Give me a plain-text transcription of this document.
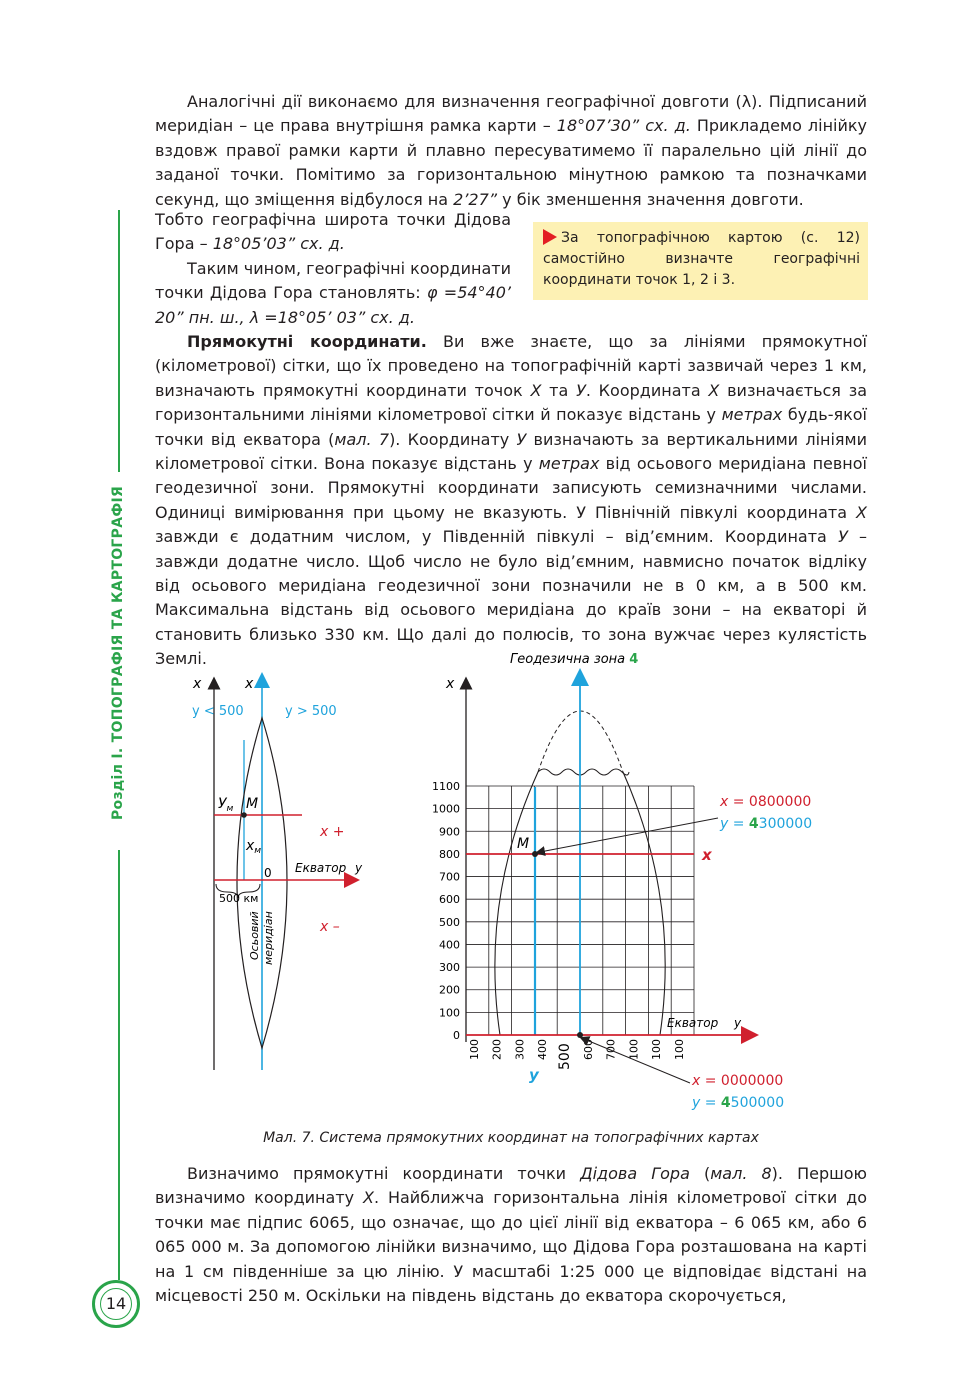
Розділ І. ТОПОГРАФІЯ ТА КАРТОГРАФІЯ
14

Аналогічні дії виконаємо для визначення географічної довготи (λ). Підписаний меридіан – це права внутрішня рамка карти – 18°07’30” сх. д. Прикладемо лінійку вздовж правої рамки карти й плавно пересуватимемо її паралельно цій лінії до заданої точки. Помітимо за горизонтальною мінутною рамкою та позначками секунд, що зміщення відбулося на 2’27” у бік зменшення значення довготи.

Тобто географічна широта точки Дідова Гора – 18°05’03” сх. д.

Таким чином, географічні координати точки Дідова Гора становлять: φ =54°40’ 20” пн. ш., λ =18°05’ 03” сх. д.

За топографічною картою (с. 12) самостійно визначте географічні координати точок 1, 2 і 3.

Прямокутні координати. Ви вже знаєте, що за лініями прямокутної (кілометрової) сітки, що їх проведено на топографічній карті зазвичай через 1 км, визначають прямокутні координати точок X та У. Координата X визначається за горизонтальними лініями кілометрової сітки й показує відстань у метрах будь-якої точки від екватора (мал. 7). Координату У визначають за вертикальними лініями кілометрової сітки. Вона показує відстань у метрах від осьового меридіана певної геодезичної зони. Прямокутні координати записують семизначними числами. Одиниці вимірювання при цьому не вказують. У Північній півкулі координата X завжди є додатним числом, у Південній півкулі – від’ємним. Координата У – завжди додатне число. Щоб число не було від’ємним, навмисно початок відліку від осьового меридіана геодезичної зони позначили не в 0 км, а в 500 км. Максимальна відстань від осьового меридіана до країв зони – на екваторі й становить близько 330 км. Що далі до полюсів, то зона вужчає через кулястість Землі.

x	x
y < 500	y > 500
$У_м$ M
$x_м$
x +
x –
0 Екватор у
500 км
Осьовий меридіан
Геодезична зона 4
x
1100
1000
900
800
700
600
500
400
300
200
100
0
100 200 300 400 500 600 700 100 100 100
M
x
у
Екватор у
x = 0800000
y = 4300000
x = 0000000
y = 4500000
Мал. 7. Система прямокутних координат на топографічних картах

Визначимо прямокутні координати точки Дідова Гора (мал. 8). Першою визначимо координату X. Найближча горизонтальна лінія кілометрової сітки до точки має підпис 6065, що означає, що до цієї лінії від екватора – 6 065 км, або 6 065 000 м. За допомогою лінійки визначимо, що Дідова Гора розташована на карті на 1 см південніше за цю лінію. У масштабі 1:25 000 це відповідає відстані на місцевості 250 м. Оскільки на південь відстань до екватора скорочується,
